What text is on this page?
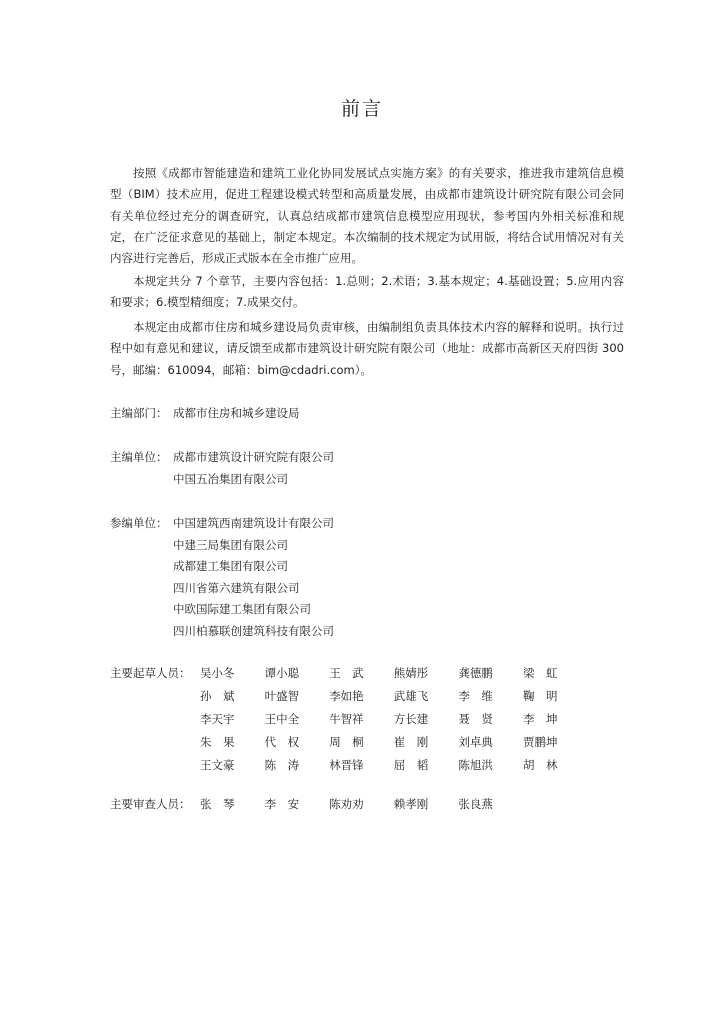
前言

按照《成都市智能建造和建筑工业化协同发展试点实施方案》的有关要求，推进我市建筑信息模型（BIM）技术应用，促进工程建设模式转型和高质量发展，由成都市建筑设计研究院有限公司会同有关单位经过充分的调查研究，认真总结成都市建筑信息模型应用现状，参考国内外相关标准和规定，在广泛征求意见的基础上，制定本规定。本次编制的技术规定为试用版，将结合试用情况对有关内容进行完善后，形成正式版本在全市推广应用。

本规定共分 7 个章节，主要内容包括：1.总则；2.术语；3.基本规定；4.基础设置；5.应用内容和要求；6.模型精细度；7.成果交付。

本规定由成都市住房和城乡建设局负责审核，由编制组负责具体技术内容的解释和说明。执行过程中如有意见和建议，请反馈至成都市建筑设计研究院有限公司（地址：成都市高新区天府四街 300 号，邮编：610094，邮箱：bim@cdadri.com）。

主编部门： 成都市住房和城乡建设局
主编单位： 成都市建筑设计研究院有限公司
中国五冶集团有限公司
参编单位： 中国建筑西南建筑设计有限公司
中建三局集团有限公司
成都建工集团有限公司
四川省第六建筑有限公司
中欧国际建工集团有限公司
四川柏慕联创建筑科技有限公司
主要起草人员： 吴小冬	谭小聪	王　武	熊婧彤	龚德鹏	梁　虹
孙　斌	叶盛智	李如艳	武雄飞	李　维	鞠　明
李天宇	王中全	牛智祥	方长建	聂　贤	李　坤
朱　果	代　权	周　桐	崔　刚	刘卓典	贾鹏坤
王文豪	陈　涛	林晋锋	屈　韬	陈旭洪	胡　林
主要审查人员： 张　琴	李　安	陈劝劝	赖孝刚	张良燕
